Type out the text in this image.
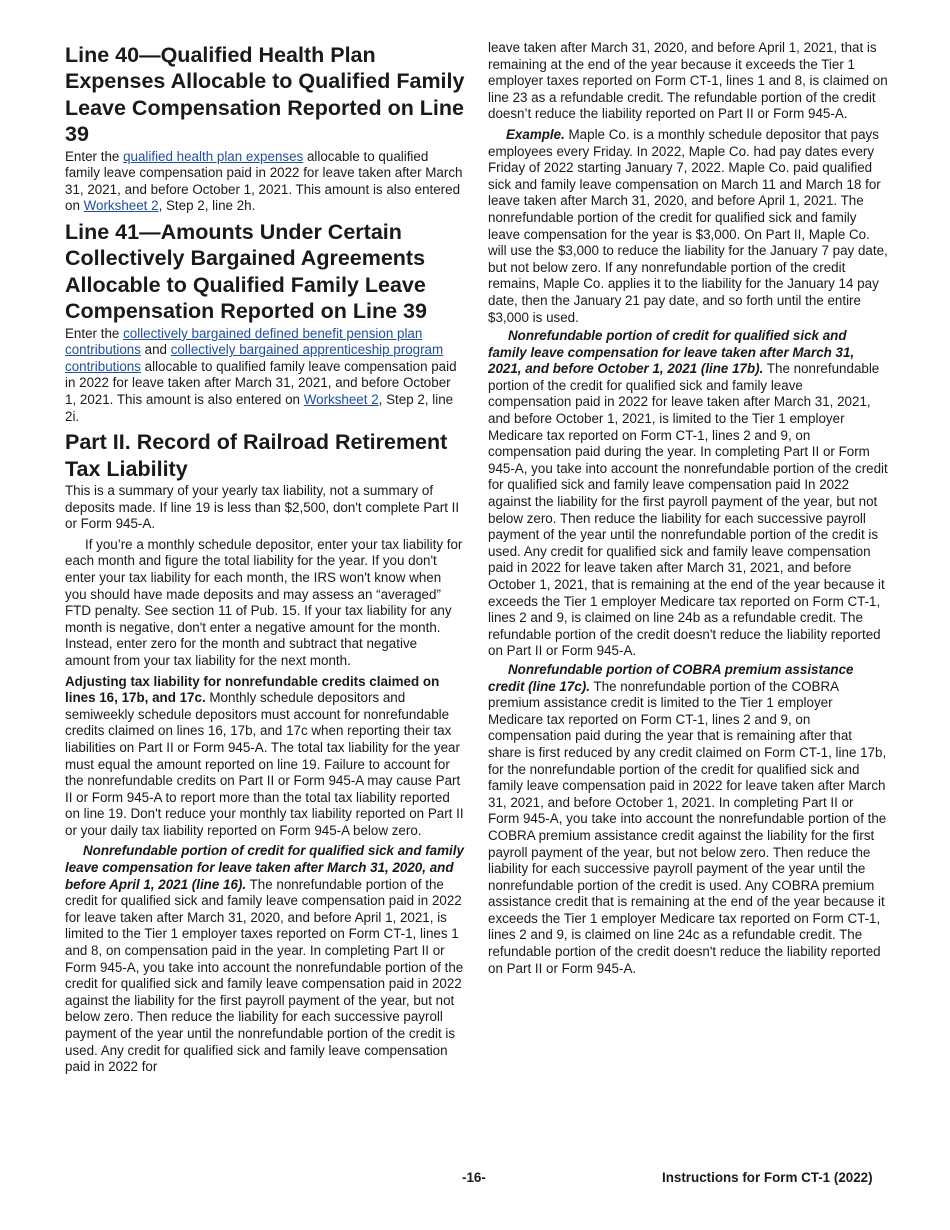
Line 40—Qualified Health Plan Expenses Allocable to Qualified Family Leave Compensation Reported on Line 39

Enter the qualified health plan expenses allocable to qualified family leave compensation paid in 2022 for leave taken after March 31, 2021, and before October 1, 2021. This amount is also entered on Worksheet 2, Step 2, line 2h.

Line 41—Amounts Under Certain Collectively Bargained Agreements Allocable to Qualified Family Leave Compensation Reported on Line 39

Enter the collectively bargained defined benefit pension plan contributions and collectively bargained apprenticeship program contributions allocable to qualified family leave compensation paid in 2022 for leave taken after March 31, 2021, and before October 1, 2021. This amount is also entered on Worksheet 2, Step 2, line 2i.

Part II. Record of Railroad Retirement Tax Liability

This is a summary of your yearly tax liability, not a summary of deposits made. If line 19 is less than $2,500, don't complete Part II or Form 945-A.

If you’re a monthly schedule depositor, enter your tax liability for each month and figure the total liability for the year. If you don't enter your tax liability for each month, the IRS won't know when you should have made deposits and may assess an “averaged” FTD penalty. See section 11 of Pub. 15. If your tax liability for any month is negative, don't enter a negative amount for the month. Instead, enter zero for the month and subtract that negative amount from your tax liability for the next month.

Adjusting tax liability for nonrefundable credits claimed on lines 16, 17b, and 17c. Monthly schedule depositors and semiweekly schedule depositors must account for nonrefundable credits claimed on lines 16, 17b, and 17c when reporting their tax liabilities on Part II or Form 945-A. The total tax liability for the year must equal the amount reported on line 19. Failure to account for the nonrefundable credits on Part II or Form 945-A may cause Part II or Form 945-A to report more than the total tax liability reported on line 19. Don't reduce your monthly tax liability reported on Part II or your daily tax liability reported on Form 945-A below zero.

Nonrefundable portion of credit for qualified sick and family leave compensation for leave taken after March 31, 2020, and before April 1, 2021 (line 16). The nonrefundable portion of the credit for qualified sick and family leave compensation paid in 2022 for leave taken after March 31, 2020, and before April 1, 2021, is limited to the Tier 1 employer taxes reported on Form CT-1, lines 1 and 8, on compensation paid in the year. In completing Part II or Form 945-A, you take into account the nonrefundable portion of the credit for qualified sick and family leave compensation paid in 2022 against the liability for the first payroll payment of the year, but not below zero. Then reduce the liability for each successive payroll payment of the year until the nonrefundable portion of the credit is used. Any credit for qualified sick and family leave compensation paid in 2022 for

leave taken after March 31, 2020, and before April 1, 2021, that is remaining at the end of the year because it exceeds the Tier 1 employer taxes reported on Form CT-1, lines 1 and 8, is claimed on line 23 as a refundable credit. The refundable portion of the credit doesn’t reduce the liability reported on Part II or Form 945-A.

Example. Maple Co. is a monthly schedule depositor that pays employees every Friday. In 2022, Maple Co. had pay dates every Friday of 2022 starting January 7, 2022. Maple Co. paid qualified sick and family leave compensation on March 11 and March 18 for leave taken after March 31, 2020, and before April 1, 2021. The nonrefundable portion of the credit for qualified sick and family leave compensation for the year is $3,000. On Part II, Maple Co. will use the $3,000 to reduce the liability for the January 7 pay date, but not below zero. If any nonrefundable portion of the credit remains, Maple Co. applies it to the liability for the January 14 pay date, then the January 21 pay date, and so forth until the entire $3,000 is used.

Nonrefundable portion of credit for qualified sick and family leave compensation for leave taken after March 31, 2021, and before October 1, 2021 (line 17b). The nonrefundable portion of the credit for qualified sick and family leave compensation paid in 2022 for leave taken after March 31, 2021, and before October 1, 2021, is limited to the Tier 1 employer Medicare tax reported on Form CT-1, lines 2 and 9, on compensation paid during the year. In completing Part II or Form 945-A, you take into account the nonrefundable portion of the credit for qualified sick and family leave compensation paid In 2022 against the liability for the first payroll payment of the year, but not below zero. Then reduce the liability for each successive payroll payment of the year until the nonrefundable portion of the credit is used. Any credit for qualified sick and family leave compensation paid in 2022 for leave taken after March 31, 2021, and before October 1, 2021, that is remaining at the end of the year because it exceeds the Tier 1 employer Medicare tax reported on Form CT-1, lines 2 and 9, is claimed on line 24b as a refundable credit. The refundable portion of the credit doesn't reduce the liability reported on Part II or Form 945-A.

Nonrefundable portion of COBRA premium assistance credit (line 17c). The nonrefundable portion of the COBRA premium assistance credit is limited to the Tier 1 employer Medicare tax reported on Form CT-1, lines 2 and 9, on compensation paid during the year that is remaining after that share is first reduced by any credit claimed on Form CT-1, line 17b, for the nonrefundable portion of the credit for qualified sick and family leave compensation paid in 2022 for leave taken after March 31, 2021, and before October 1, 2021. In completing Part II or Form 945-A, you take into account the nonrefundable portion of the COBRA premium assistance credit against the liability for the first payroll payment of the year, but not below zero. Then reduce the liability for each successive payroll payment of the year until the nonrefundable portion of the credit is used. Any COBRA premium assistance credit that is remaining at the end of the year because it exceeds the Tier 1 employer Medicare tax reported on Form CT-1, lines 2 and 9, is claimed on line 24c as a refundable credit. The refundable portion of the credit doesn't reduce the liability reported on Part II or Form 945-A.

-16-	Instructions for Form CT-1 (2022)
